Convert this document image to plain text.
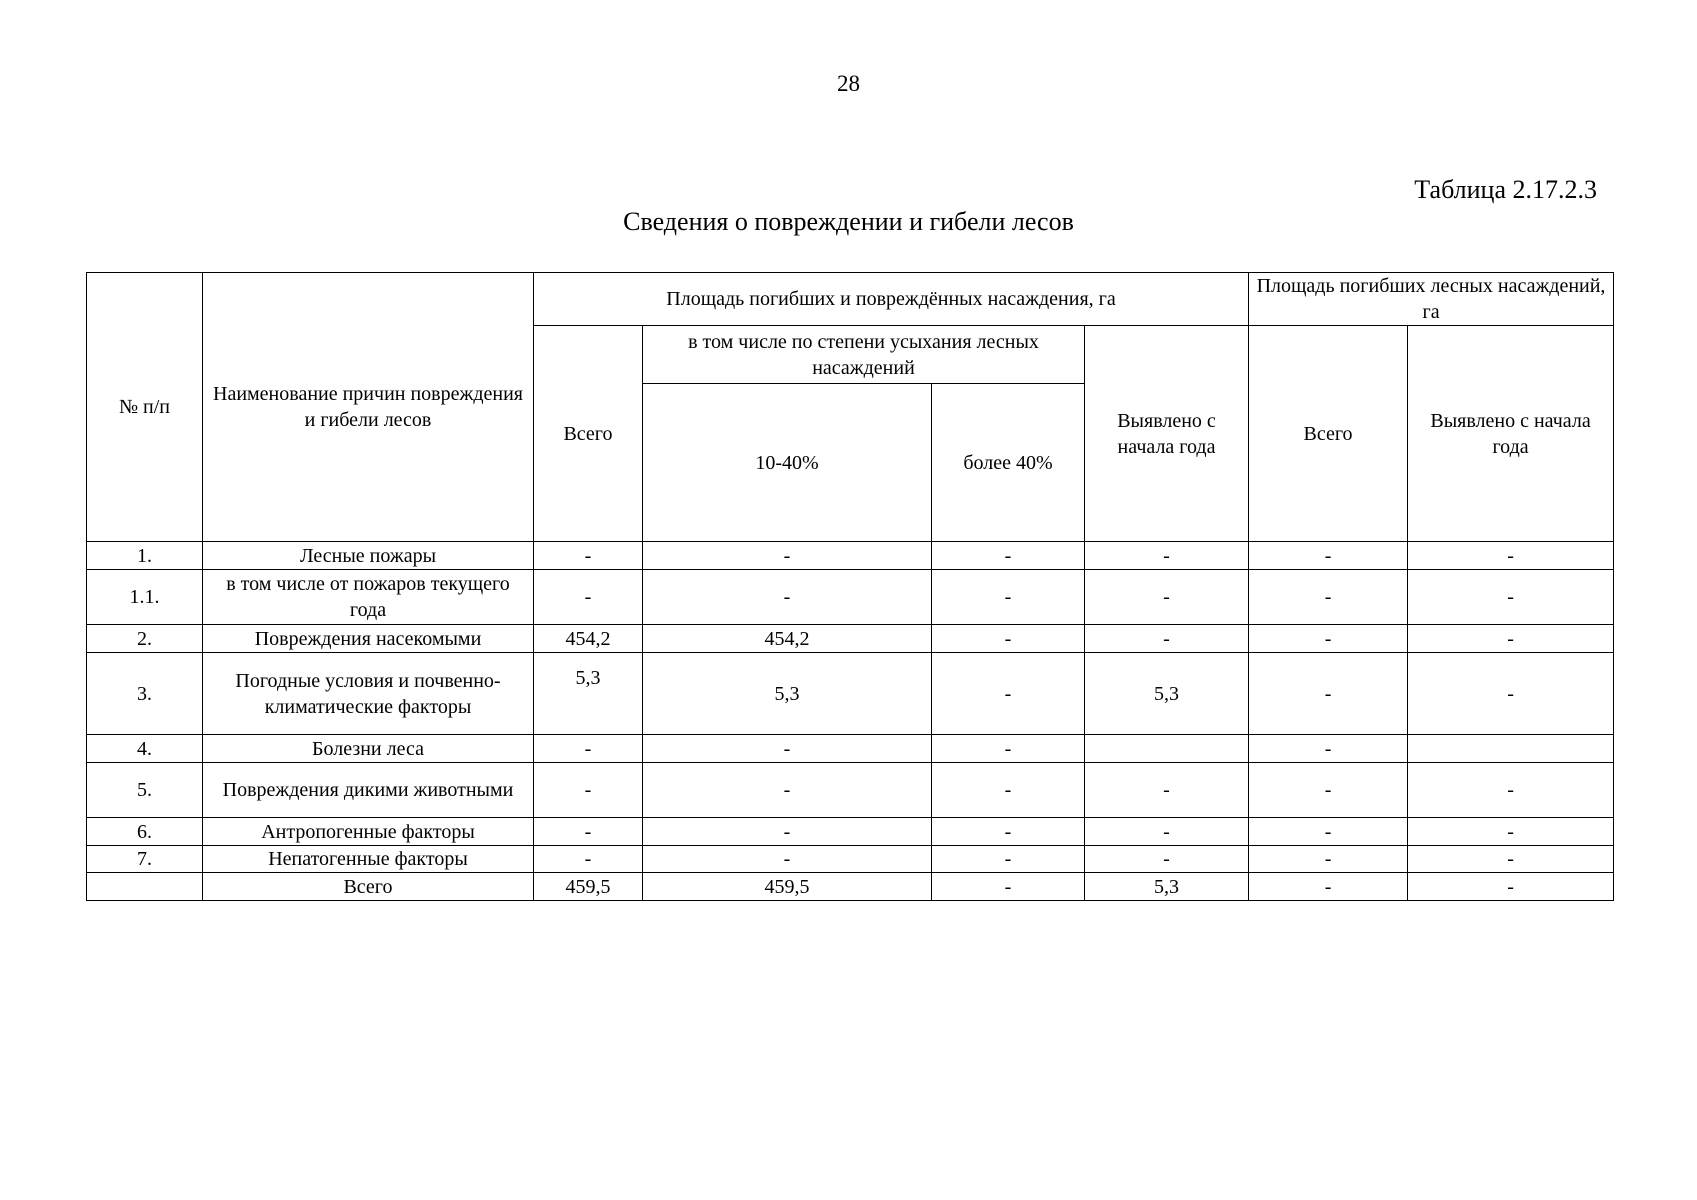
28
Таблица 2.17.2.3
Сведения о повреждении и гибели лесов
№ п/п	Наименование причин повреждения и гибели лесов	Площадь погибших и повреждённых насаждения, га				Площадь погибших лесных насаждений, га	
		Всего	в том числе по степени усыхания лесных насаждений		Выявлено с начала года	Всего	Выявлено с начала года
			10-40%	более 40%			
1.	Лесные пожары	-	-	-	-	-	-
1.1.	в том числе от пожаров текущего года	-	-	-	-	-	-
2.	Повреждения насекомыми	454,2	454,2	-	-	-	-
3.	Погодные условия и почвенно-климатические факторы	5,3	5,3	-	5,3	-	-
4.	Болезни леса	-	-	-		-	
5.	Повреждения дикими животными	-	-	-	-	-	-
6.	Антропогенные факторы	-	-	-	-	-	-
7.	Непатогенные факторы	-	-	-	-	-	-
	Всего	459,5	459,5	-	5,3	-	-
